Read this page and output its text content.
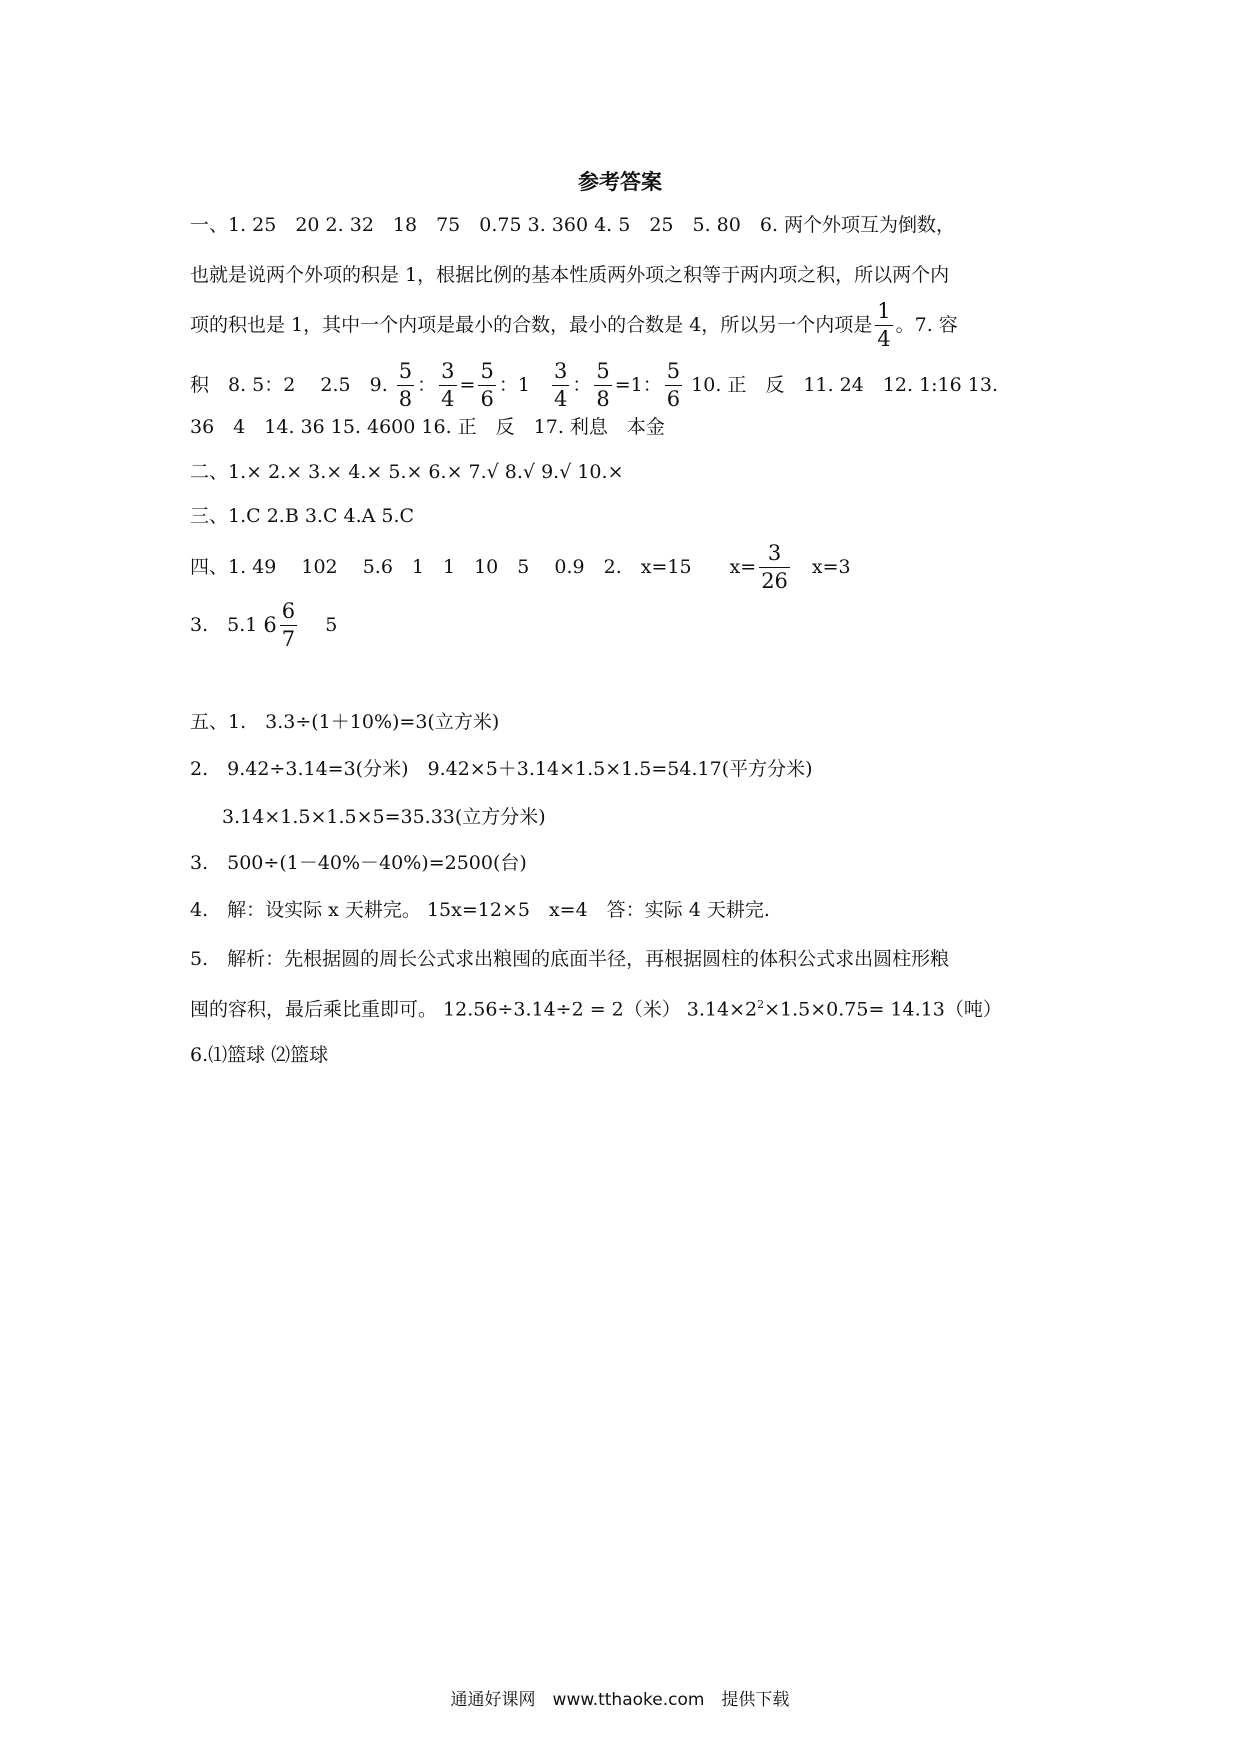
参考答案
一、1. 25　20 2. 32　18　75　0.75 3. 360 4. 5　25　5. 80　6. 两个外项互为倒数，
也就是说两个外项的积是 1，根据比例的基本性质两外项之积等于两内项之积，所以两个内
项的积也是 1，其中一个内项是最小的合数，最小的合数是 4，所以另一个内项是 $\frac{1}{4}$ 。7. 容
积　8. 5：2　 2.5　9. $\frac{5}{8}$ ： $\frac{3}{4} = \frac{5}{6}$ ：1　 $\frac{3}{4}$ ： $\frac{5}{8} =1$： $\frac{5}{6} 10$. 正　反　11. 24　12. 1:16 13.
36　4　14. 36 15. 4600 16. 正　反　17. 利息　本金
二、1.× 2.× 3.× 4.× 5.× 6.× 7.√ 8.√ 9.√ 10.×
三、1.C 2.B 3.C 4.A 5.C
四、1. 49　 102　 5.6　1　1　10　5　 0.9　2.　x=15　　$x= \frac{3}{26}$ 　x=3
3.　5.1 $6 \frac{6}{7}$ 　5
五、1.　3.3÷(1＋10%)=3(立方米)
2.　9.42÷3.14=3(分米)　9.42×5＋3.14×1.5×1.5=54.17(平方分米)
3.14×1.5×1.5×5=35.33(立方分米)
3.　500÷(1－40%－40%)=2500(台)
4.　解：设实际 x 天耕完。 15x=12×5　x=4　答：实际 4 天耕完.
5.　解析：先根据圆的周长公式求出粮囤的底面半径，再根据圆柱的体积公式求出圆柱形粮
囤的容积，最后乘比重即可。 12.56÷3.14÷2 = 2（米） $3.14\times 2^2\times 1.5\times 0.75= 14.13$（吨）
6.⑴篮球 ⑵篮球
通通好课网　www.tthaoke.com　提供下载
